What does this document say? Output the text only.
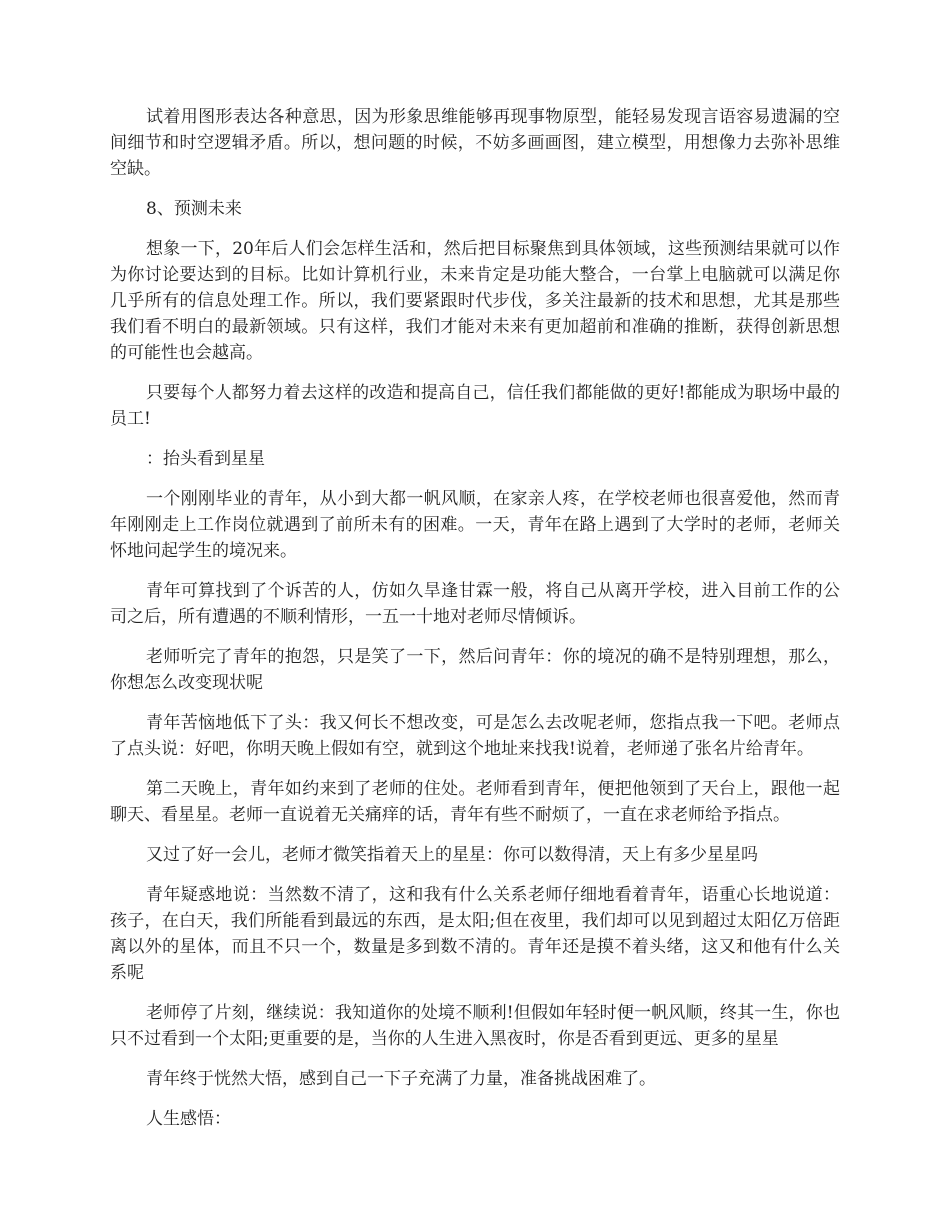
试着用图形表达各种意思，因为形象思维能够再现事物原型，能轻易发现言语容易遗漏的空间细节和时空逻辑矛盾。所以，想问题的时候，不妨多画画图，建立模型，用想像力去弥补思维空缺。

8、预测未来

想象一下，20年后人们会怎样生活和，然后把目标聚焦到具体领域，这些预测结果就可以作为你讨论要达到的目标。比如计算机行业，未来肯定是功能大整合，一台掌上电脑就可以满足你几乎所有的信息处理工作。所以，我们要紧跟时代步伐，多关注最新的技术和思想，尤其是那些我们看不明白的最新领域。只有这样，我们才能对未来有更加超前和准确的推断，获得创新思想的可能性也会越高。

只要每个人都努力着去这样的改造和提高自己，信任我们都能做的更好!都能成为职场中最的员工!

：抬头看到星星

一个刚刚毕业的青年，从小到大都一帆风顺，在家亲人疼，在学校老师也很喜爱他，然而青年刚刚走上工作岗位就遇到了前所未有的困难。一天，青年在路上遇到了大学时的老师，老师关怀地问起学生的境况来。

青年可算找到了个诉苦的人，仿如久旱逢甘霖一般，将自己从离开学校，进入目前工作的公司之后，所有遭遇的不顺利情形，一五一十地对老师尽情倾诉。

老师听完了青年的抱怨，只是笑了一下，然后问青年：你的境况的确不是特别理想，那么，你想怎么改变现状呢

青年苦恼地低下了头：我又何长不想改变，可是怎么去改呢老师，您指点我一下吧。老师点了点头说：好吧，你明天晚上假如有空，就到这个地址来找我!说着，老师递了张名片给青年。

第二天晚上，青年如约来到了老师的住处。老师看到青年，便把他领到了天台上，跟他一起聊天、看星星。老师一直说着无关痛痒的话，青年有些不耐烦了，一直在求老师给予指点。

又过了好一会儿，老师才微笑指着天上的星星：你可以数得清，天上有多少星星吗

青年疑惑地说：当然数不清了，这和我有什么关系老师仔细地看着青年，语重心长地说道：孩子，在白天，我们所能看到最远的东西，是太阳;但在夜里，我们却可以见到超过太阳亿万倍距离以外的星体，而且不只一个，数量是多到数不清的。青年还是摸不着头绪，这又和他有什么关系呢

老师停了片刻，继续说：我知道你的处境不顺利!但假如年轻时便一帆风顺，终其一生，你也只不过看到一个太阳;更重要的是，当你的人生进入黑夜时，你是否看到更远、更多的星星

青年终于恍然大悟，感到自己一下子充满了力量，准备挑战困难了。

人生感悟：
